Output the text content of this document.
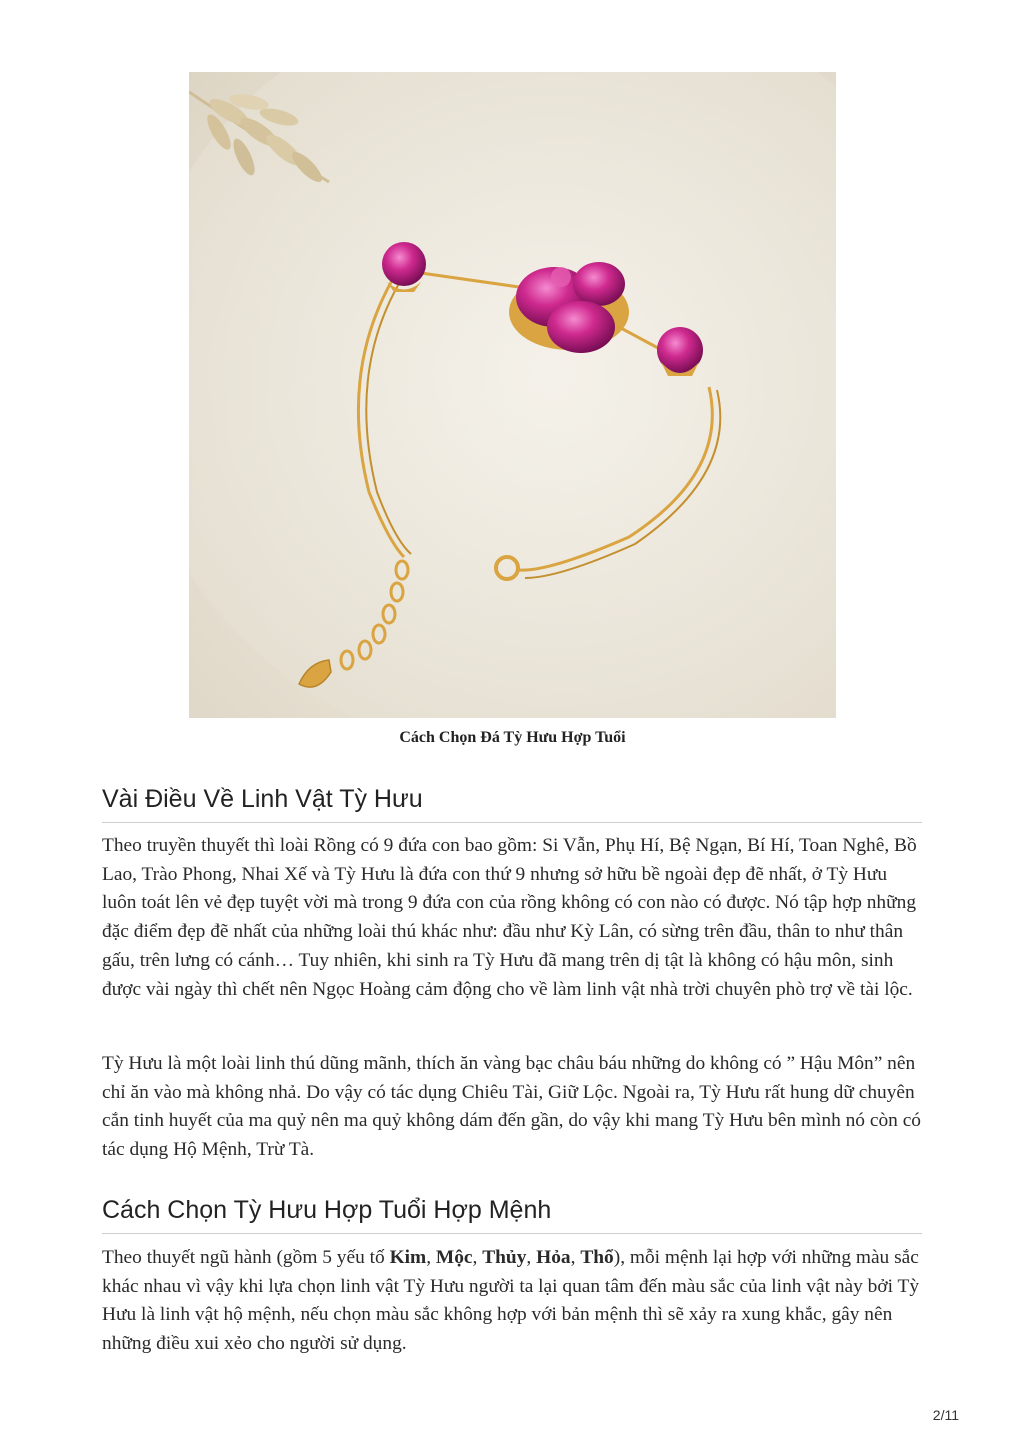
Cách Chọn Đá Tỳ Hưu Hợp Tuổi
Vài Điều Về Linh Vật Tỳ Hưu

Theo truyền thuyết thì loài Rồng có 9 đứa con bao gồm: Si Vẫn, Phụ Hí, Bệ Ngạn, Bí Hí, Toan Nghê, Bồ Lao, Trào Phong, Nhai Xế và Tỳ Hưu là đứa con thứ 9 nhưng sở hữu bề ngoài đẹp đẽ nhất, ở Tỳ Hưu luôn toát lên vẻ đẹp tuyệt vời mà trong 9 đứa con của rồng không có con nào có được. Nó tập hợp những đặc điểm đẹp đẽ nhất của những loài thú khác như: đầu như Kỳ Lân, có sừng trên đầu, thân to như thân gấu, trên lưng có cánh… Tuy nhiên, khi sinh ra Tỳ Hưu đã mang trên dị tật là không có hậu môn, sinh được vài ngày thì chết nên Ngọc Hoàng cảm động cho về làm linh vật nhà trời chuyên phò trợ về tài lộc.

Tỳ Hưu là một loài linh thú dũng mãnh, thích ăn vàng bạc châu báu những do không có ” Hậu Môn” nên chỉ ăn vào mà không nhả. Do vậy có tác dụng Chiêu Tài, Giữ Lộc. Ngoài ra, Tỳ Hưu rất hung dữ chuyên cắn tinh huyết của ma quỷ nên ma quỷ không dám đến gần, do vậy khi mang Tỳ Hưu bên mình nó còn có tác dụng Hộ Mệnh, Trừ Tà.

Cách Chọn Tỳ Hưu Hợp Tuổi Hợp Mệnh

Theo thuyết ngũ hành (gồm 5 yếu tố Kim, Mộc, Thủy, Hỏa, Thổ), mỗi mệnh lại hợp với những màu sắc khác nhau vì vậy khi lựa chọn linh vật Tỳ Hưu người ta lại quan tâm đến màu sắc của linh vật này bởi Tỳ Hưu là linh vật hộ mệnh, nếu chọn màu sắc không hợp với bản mệnh thì sẽ xảy ra xung khắc, gây nên những điều xui xẻo cho người sử dụng.

2/11
